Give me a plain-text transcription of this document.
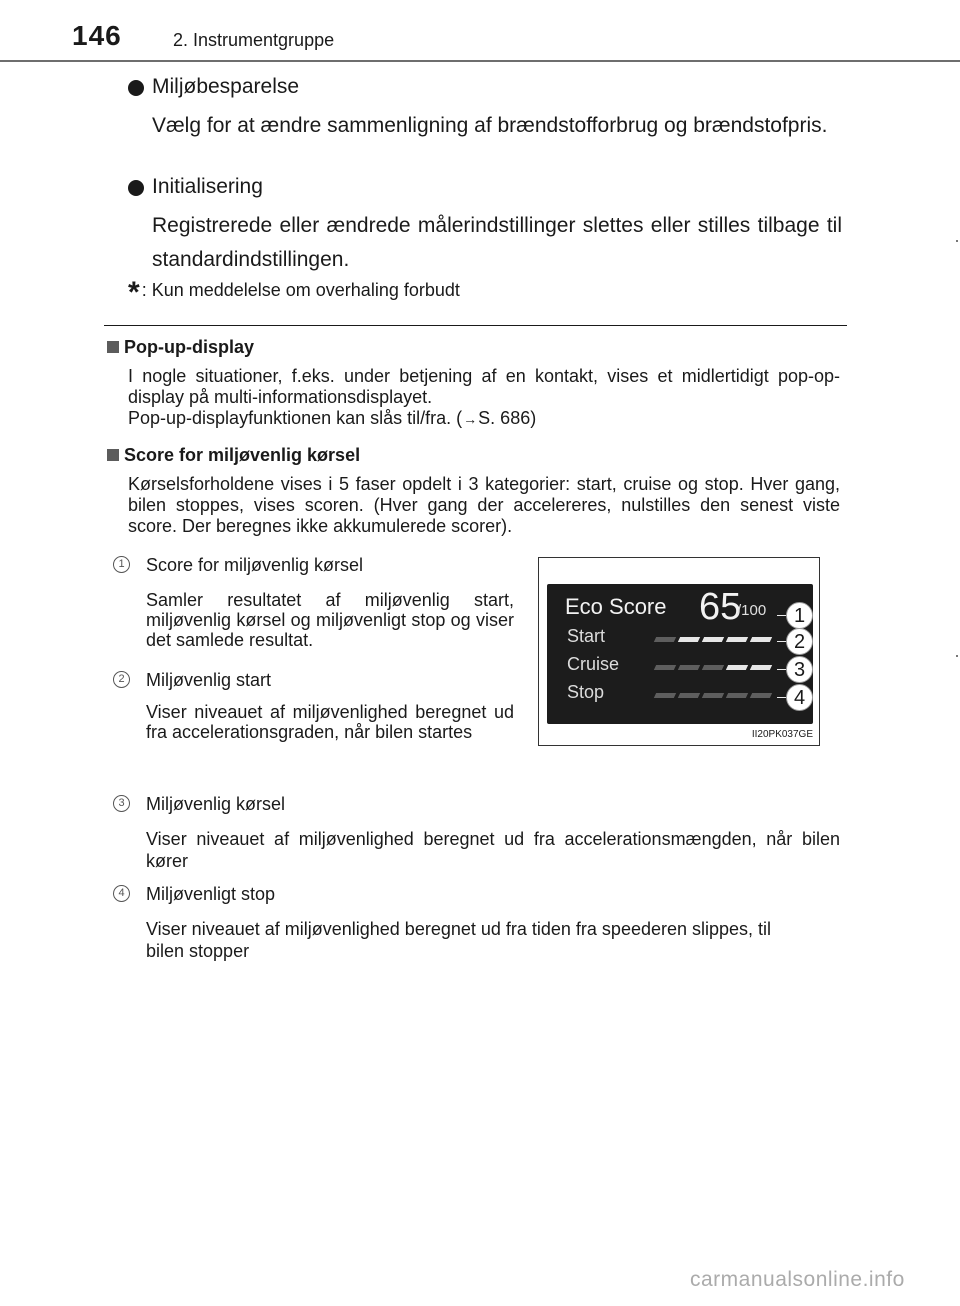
146	2. Instrumentgruppe
Miljøbesparelse
Vælg for at ændre sammenligning af brændstofforbrug og brændstofpris.
Initialisering
Registrerede eller ændrede målerindstillinger slettes eller stilles tilbage til standardindstillingen.
* : Kun meddelelse om overhaling forbudt
Pop-up-display

I nogle situationer, f.eks. under betjening af en kontakt, vises et midlertidigt pop-op-display på multi-informationsdisplayet.

Pop-up-displayfunktionen kan slås til/fra. (→S. 686)

Score for miljøvenlig kørsel
Kørselsforholdene vises i 5 faser opdelt i 3 kategorier: start, cruise og stop. Hver gang, bilen stoppes, vises scoren. (Hver gang der accelereres, nulstilles den senest viste score. Der beregnes ikke akkumulerede scorer).
1	Score for miljøvenlig kørsel
Samler resultatet af miljøvenlig start, miljøvenlig kørsel og miljøvenligt stop og viser det samlede resultat.
2	Miljøvenlig start
Viser niveauet af miljøvenlighed beregnet ud fra accelerationsgraden, når bilen startes
Eco Score 65
/100
Start
Cruise
Stop
1
2
3
4
II20PK037GE
3	Miljøvenlig kørsel
Viser niveauet af miljøvenlighed beregnet ud fra accelerationsmængden, når bilen kører
4	Miljøvenligt stop
Viser niveauet af miljøvenlighed beregnet ud fra tiden fra speederen slippes, til bilen stopper
carmanualsonline.info
